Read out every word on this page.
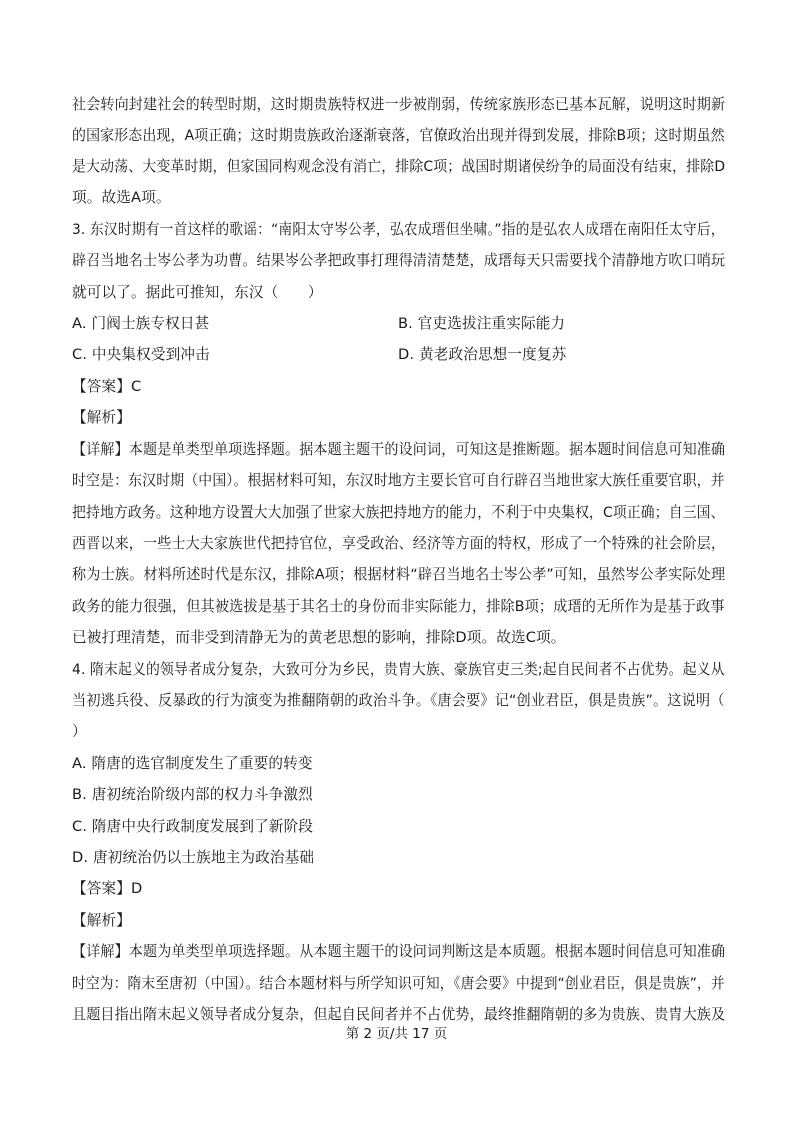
社会转向封建社会的转型时期，这时期贵族特权进一步被削弱，传统家族形态已基本瓦解，说明这时期新
的国家形态出现，A项正确；这时期贵族政治逐渐衰落，官僚政治出现并得到发展，排除B项；这时期虽然
是大动荡、大变革时期，但家国同构观念没有消亡，排除C项；战国时期诸侯纷争的局面没有结束，排除D
项。故选A项。
3. 东汉时期有一首这样的歌谣：“南阳太守岑公孝，弘农成瑨但坐啸。”指的是弘农人成瑨在南阳任太守后，
辟召当地名士岑公孝为功曹。结果岑公孝把政事打理得清清楚楚，成瑨每天只需要找个清静地方吹口哨玩
就可以了。据此可推知，东汉（　　）
A. 门阀士族专权日甚	B. 官吏选拔注重实际能力
C. 中央集权受到冲击	D. 黄老政治思想一度复苏
【答案】C
【解析】
【详解】本题是单类型单项选择题。据本题主题干的设问词，可知这是推断题。据本题时间信息可知准确
时空是：东汉时期（中国）。根据材料可知，东汉时地方主要长官可自行辟召当地世家大族任重要官职，并
把持地方政务。这种地方设置大大加强了世家大族把持地方的能力，不利于中央集权，C项正确；自三国、
西晋以来，一些士大夫家族世代把持官位，享受政治、经济等方面的特权，形成了一个特殊的社会阶层，
称为士族。材料所述时代是东汉，排除A项；根据材料“辟召当地名士岑公孝”可知，虽然岑公孝实际处理
政务的能力很强，但其被选拔是基于其名士的身份而非实际能力，排除B项；成瑨的无所作为是基于政事
已被打理清楚，而非受到清静无为的黄老思想的影响，排除D项。故选C项。
4. 隋末起义的领导者成分复杂，大致可分为乡民，贵胄大族、豪族官吏三类;起自民间者不占优势。起义从
当初逃兵役、反暴政的行为演变为推翻隋朝的政治斗争。《唐会要》记“创业君臣，俱是贵族”。这说明（
）
A. 隋唐的选官制度发生了重要的转变
B. 唐初统治阶级内部的权力斗争激烈
C. 隋唐中央行政制度发展到了新阶段
D. 唐初统治仍以士族地主为政治基础
【答案】D
【解析】
【详解】本题为单类型单项选择题。从本题主题干的设问词判断这是本质题。根据本题时间信息可知准确
时空为：隋末至唐初（中国）。结合本题材料与所学知识可知，《唐会要》中提到“创业君臣，俱是贵族”，并
且题目指出隋末起义领导者成分复杂，但起自民间者并不占优势，最终推翻隋朝的多为贵族、贵胄大族及
第 2 页/共 17 页
